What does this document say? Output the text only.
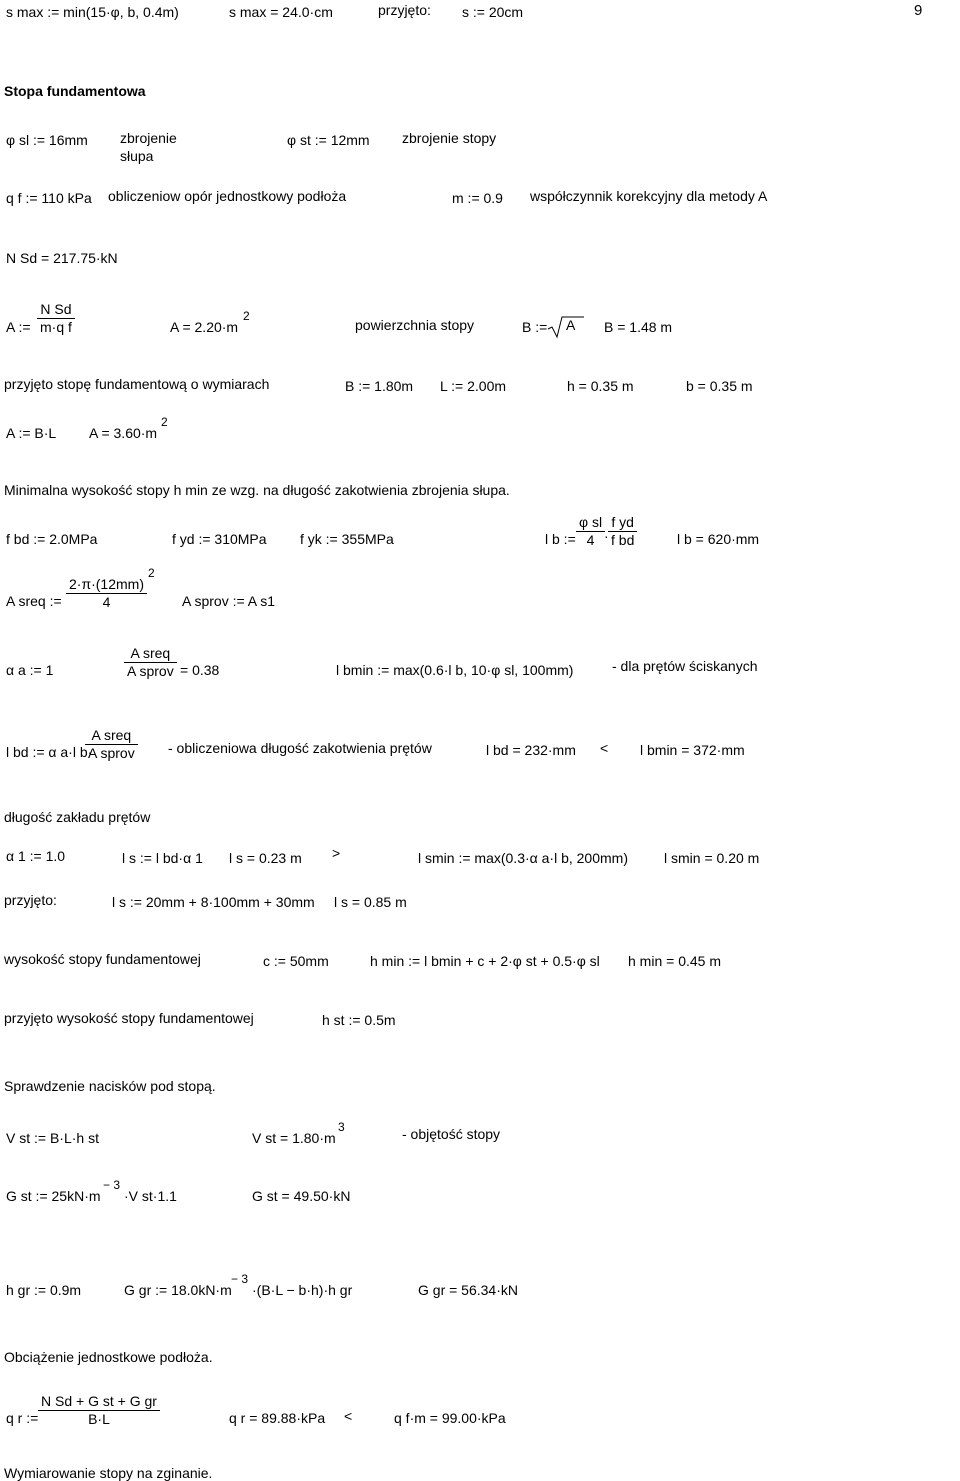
9
s max := min(15·φ, b, 0.4m)	s max = 24.0·cm	przyjęto: s := 20cm
Stopa fundamentowa
φ sl := 16mm zbrojenie
słupa
φ st := 12mm zbrojenie stopy
q f := 110 kPa obliczeniow opór jednostkowy podłoża	m := 0.9 współczynnik korekcyjny dla metody A
N Sd = 217.75·kN
A :=
N Sd
m·q f	A = 2.20·m
2
powierzchnia stopy	B := A B = 1.48 m
przyjęto stopę fundamentową o wymiarach	B := 1.80m L := 2.00m	h = 0.35 m	b = 0.35 m
A := B·L A = 3.60·m
2
Minimalna wysokość stopy h min ze wzg. na długość zakotwienia zbrojenia słupa.
f bd := 2.0MPa	f yd := 310MPa f yk := 355MPa	l b :=
φ sl
4 ·
f yd
f bd	l b = 620·mm
A sreq :=
2·π·(12mm)
4
2
A sprov := A s1
α a := 1
A sreq
A sprov = 0.38	l bmin := max(0.6·l b, 10·φ sl, 100mm)	- dla prętów ściskanych
l bd := α a·l b·
A sreq
A sprov - obliczeniowa długość zakotwienia prętów	l bd = 232·mm < l bmin = 372·mm
długość zakładu prętów
α 1 := 1.0	l s := l bd·α 1 l s = 0.23 m >	l smin := max(0.3·α a·l b, 200mm)	l smin = 0.20 m
przyjęto:	l s := 20mm + 8·100mm + 30mm l s = 0.85 m
wysokość stopy fundamentowej	c := 50mm	h min := l bmin + c + 2·φ st + 0.5·φ sl h min = 0.45 m
przyjęto wysokość stopy fundamentowej	h st := 0.5m
Sprawdzenie nacisków pod stopą.
V st := B·L·h st	V st = 1.80·m
3	- objętość stopy
G st := 25kN·m
− 3
·V st·1.1	G st = 49.50·kN
h gr := 0.9m	G gr := 18.0kN·m
− 3
·(B·L − b·h)·h gr	G gr = 56.34·kN
Obciążenie jednostkowe podłoża.
q r :=
N Sd + G st + G gr
B·L	q r = 89.88·kPa <	q f·m = 99.00·kPa
Wymiarowanie stopy na zginanie.
